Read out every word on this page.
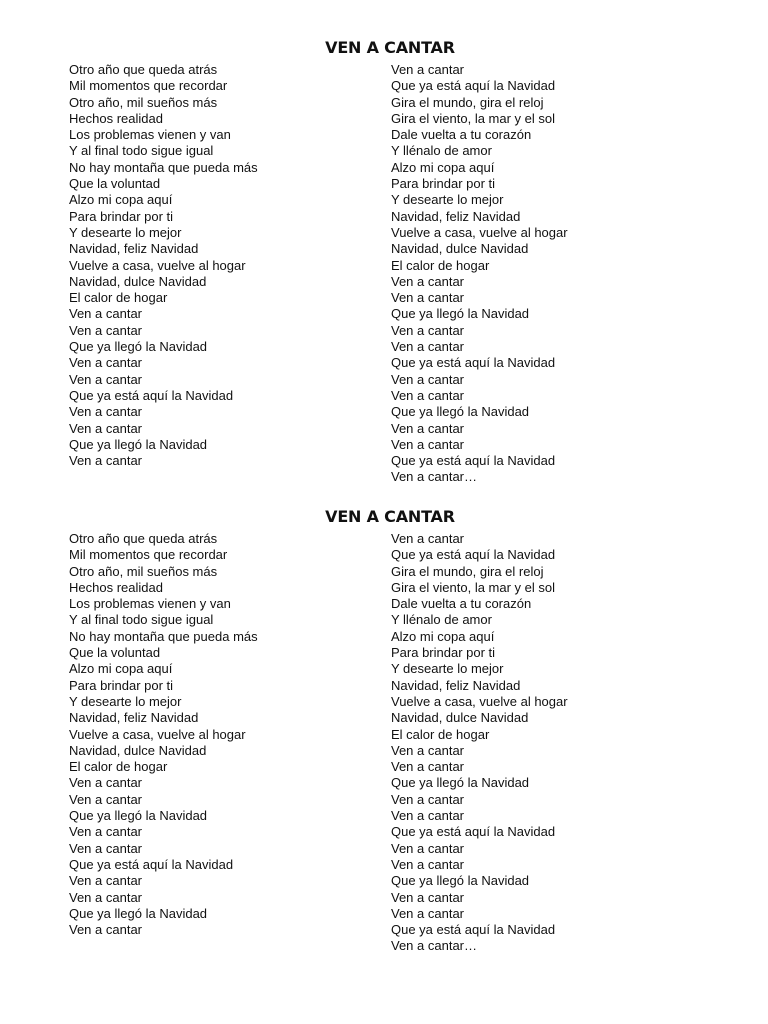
VEN A CANTAR
Otro año que queda atrás
Mil momentos que recordar
Otro año, mil sueños más
Hechos realidad
Los problemas vienen y van
Y al final todo sigue igual
No hay montaña que pueda más
Que la voluntad
Alzo mi copa aquí
Para brindar por ti
Y desearte lo mejor
Navidad, feliz Navidad
Vuelve a casa, vuelve al hogar
Navidad, dulce Navidad
El calor de hogar
Ven a cantar
Ven a cantar
Que ya llegó la Navidad
Ven a cantar
Ven a cantar
Que ya está aquí la Navidad
Ven a cantar
Ven a cantar
Que ya llegó la Navidad
Ven a cantar
Ven a cantar
Que ya está aquí la Navidad
Gira el mundo, gira el reloj
Gira el viento, la mar y el sol
Dale vuelta a tu corazón
Y llénalo de amor
Alzo mi copa aquí
Para brindar por ti
Y desearte lo mejor
Navidad, feliz Navidad
Vuelve a casa, vuelve al hogar
Navidad, dulce Navidad
El calor de hogar
Ven a cantar
Ven a cantar
Que ya llegó la Navidad
Ven a cantar
Ven a cantar
Que ya está aquí la Navidad
Ven a cantar
Ven a cantar
Que ya llegó la Navidad
Ven a cantar
Ven a cantar
Que ya está aquí la Navidad
Ven a cantar…
VEN A CANTAR
Otro año que queda atrás
Mil momentos que recordar
Otro año, mil sueños más
Hechos realidad
Los problemas vienen y van
Y al final todo sigue igual
No hay montaña que pueda más
Que la voluntad
Alzo mi copa aquí
Para brindar por ti
Y desearte lo mejor
Navidad, feliz Navidad
Vuelve a casa, vuelve al hogar
Navidad, dulce Navidad
El calor de hogar
Ven a cantar
Ven a cantar
Que ya llegó la Navidad
Ven a cantar
Ven a cantar
Que ya está aquí la Navidad
Ven a cantar
Ven a cantar
Que ya llegó la Navidad
Ven a cantar
Ven a cantar
Que ya está aquí la Navidad
Gira el mundo, gira el reloj
Gira el viento, la mar y el sol
Dale vuelta a tu corazón
Y llénalo de amor
Alzo mi copa aquí
Para brindar por ti
Y desearte lo mejor
Navidad, feliz Navidad
Vuelve a casa, vuelve al hogar
Navidad, dulce Navidad
El calor de hogar
Ven a cantar
Ven a cantar
Que ya llegó la Navidad
Ven a cantar
Ven a cantar
Que ya está aquí la Navidad
Ven a cantar
Ven a cantar
Que ya llegó la Navidad
Ven a cantar
Ven a cantar
Que ya está aquí la Navidad
Ven a cantar…
